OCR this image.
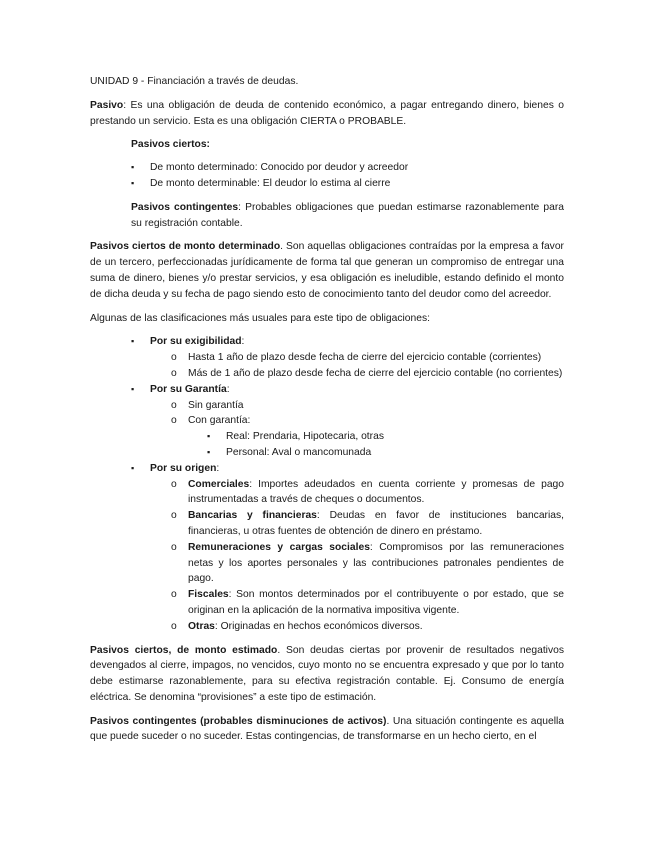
UNIDAD 9 - Financiación a través de deudas.

Pasivo: Es una obligación de deuda de contenido económico, a pagar entregando dinero, bienes o prestando un servicio. Esta es una obligación CIERTA o PROBABLE.

Pasivos ciertos:

▪ De monto determinado: Conocido por deudor y acreedor
▪ De monto determinable: El deudor lo estima al cierre

Pasivos contingentes: Probables obligaciones que puedan estimarse razonablemente para su registración contable.

Pasivos ciertos de monto determinado. Son aquellas obligaciones contraídas por la empresa a favor de un tercero, perfeccionadas jurídicamente de forma tal que generan un compromiso de entregar una suma de dinero, bienes y/o prestar servicios, y esa obligación es ineludible, estando definido el monto de dicha deuda y su fecha de pago siendo esto de conocimiento tanto del deudor como del acreedor.

Algunas de las clasificaciones más usuales para este tipo de obligaciones:

▪ Por su exigibilidad:
o Hasta 1 año de plazo desde fecha de cierre del ejercicio contable (corrientes)
o Más de 1 año de plazo desde fecha de cierre del ejercicio contable (no corrientes)
▪ Por su Garantía:
o Sin garantía
o Con garantía:
▪ Real: Prendaria, Hipotecaria, otras
▪ Personal: Aval o mancomunada
▪ Por su origen:
o Comerciales: Importes adeudados en cuenta corriente y promesas de pago instrumentadas a través de cheques o documentos.
o Bancarias y financieras: Deudas en favor de instituciones bancarias, financieras, u otras fuentes de obtención de dinero en préstamo.
o Remuneraciones y cargas sociales: Compromisos por las remuneraciones netas y los aportes personales y las contribuciones patronales pendientes de pago.
o Fiscales: Son montos determinados por el contribuyente o por estado, que se originan en la aplicación de la normativa impositiva vigente.
o Otras: Originadas en hechos económicos diversos.

Pasivos ciertos, de monto estimado. Son deudas ciertas por provenir de resultados negativos devengados al cierre, impagos, no vencidos, cuyo monto no se encuentra expresado y que por lo tanto debe estimarse razonablemente, para su efectiva registración contable. Ej. Consumo de energía eléctrica. Se denomina “provisiones” a este tipo de estimación.

Pasivos contingentes (probables disminuciones de activos). Una situación contingente es aquella que puede suceder o no suceder. Estas contingencias, de transformarse en un hecho cierto, en el
